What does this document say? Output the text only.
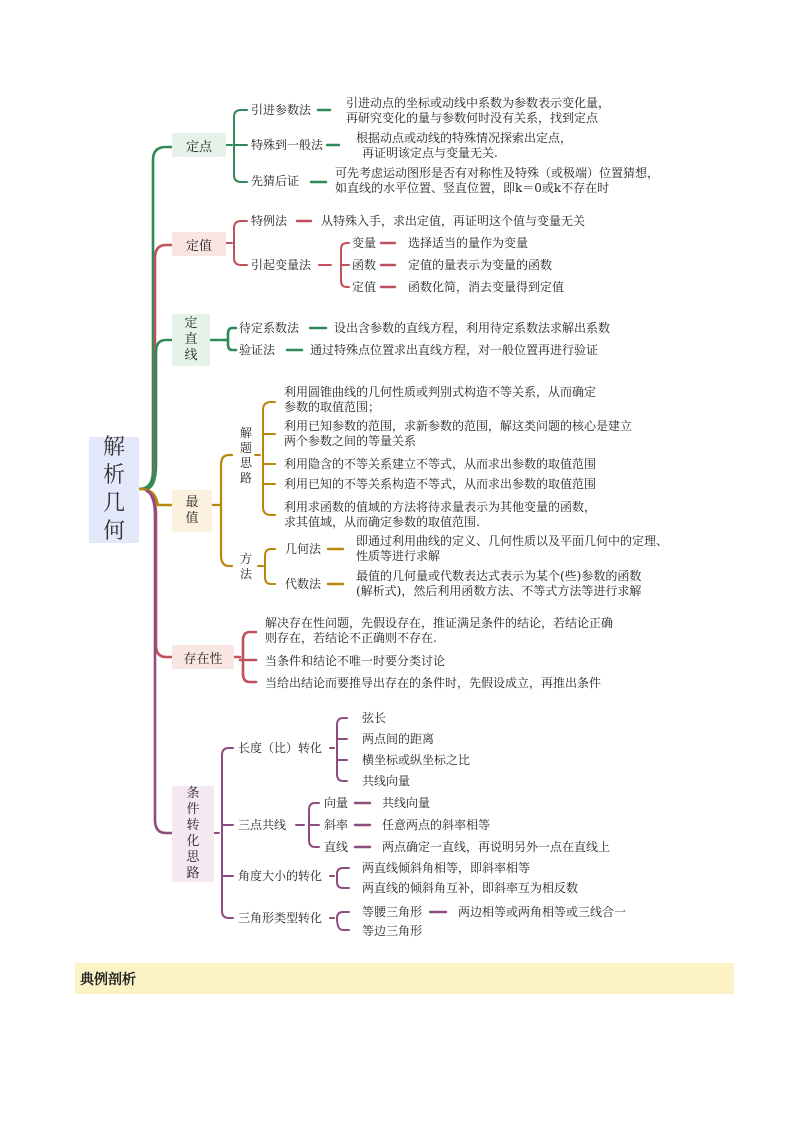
解
析
几
何
定点
引进参数法	引进动点的坐标或动线中系数为参数表示变化量，
再研究变化的量与参数何时没有关系，找到定点
特殊到一般法	根据动点或动线的特殊情况探索出定点，
再证明该定点与变量无关.
先猜后证
可先考虑运动图形是否有对称性及特殊（或极端）位置猜想，
如直线的水平位置、竖直位置，即k＝0或k不存在时
定值
特例法	从特殊入手，求出定值，再证明这个值与变量无关
引起变量法
变量	选择适当的量作为变量
函数	定值的量表示为变量的函数
定值	函数化简，消去变量得到定值
定
直
线
待定系数法	设出含参数的直线方程，利用待定系数法求解出系数
验证法	通过特殊点位置求出直线方程，对一般位置再进行验证
最
值
解
题
思
路
利用圆锥曲线的几何性质或判别式构造不等关系，从而确定
参数的取值范围；
利用已知参数的范围，求新参数的范围，解这类问题的核心是建立
两个参数之间的等量关系
利用隐含的不等关系建立不等式，从而求出参数的取值范围
利用已知的不等关系构造不等式，从而求出参数的取值范围
利用求函数的值域的方法将待求量表示为其他变量的函数，
求其值域，从而确定参数的取值范围.
方
法
几何法
即通过利用曲线的定义、几何性质以及平面几何中的定理、
性质等进行求解
代数法
最值的几何量或代数表达式表示为某个(些)参数的函数
(解析式)，然后利用函数方法、不等式方法等进行求解
存在性
解决存在性问题，先假设存在，推证满足条件的结论，若结论正确
则存在，若结论不正确则不存在.
当条件和结论不唯一时要分类讨论
当给出结论而要推导出存在的条件时，先假设成立，再推出条件
条
件
转
化
思
路
长度（比）转化
弦长
两点间的距离
横坐标或纵坐标之比
共线向量
三点共线
向量	共线向量
斜率	任意两点的斜率相等
直线	两点确定一直线，再说明另外一点在直线上
角度大小的转化
两直线倾斜角相等，即斜率相等
两直线的倾斜角互补，即斜率互为相反数
三角形类型转化	等腰三角形	两边相等或两角相等或三线合一
等边三角形
典例剖析
